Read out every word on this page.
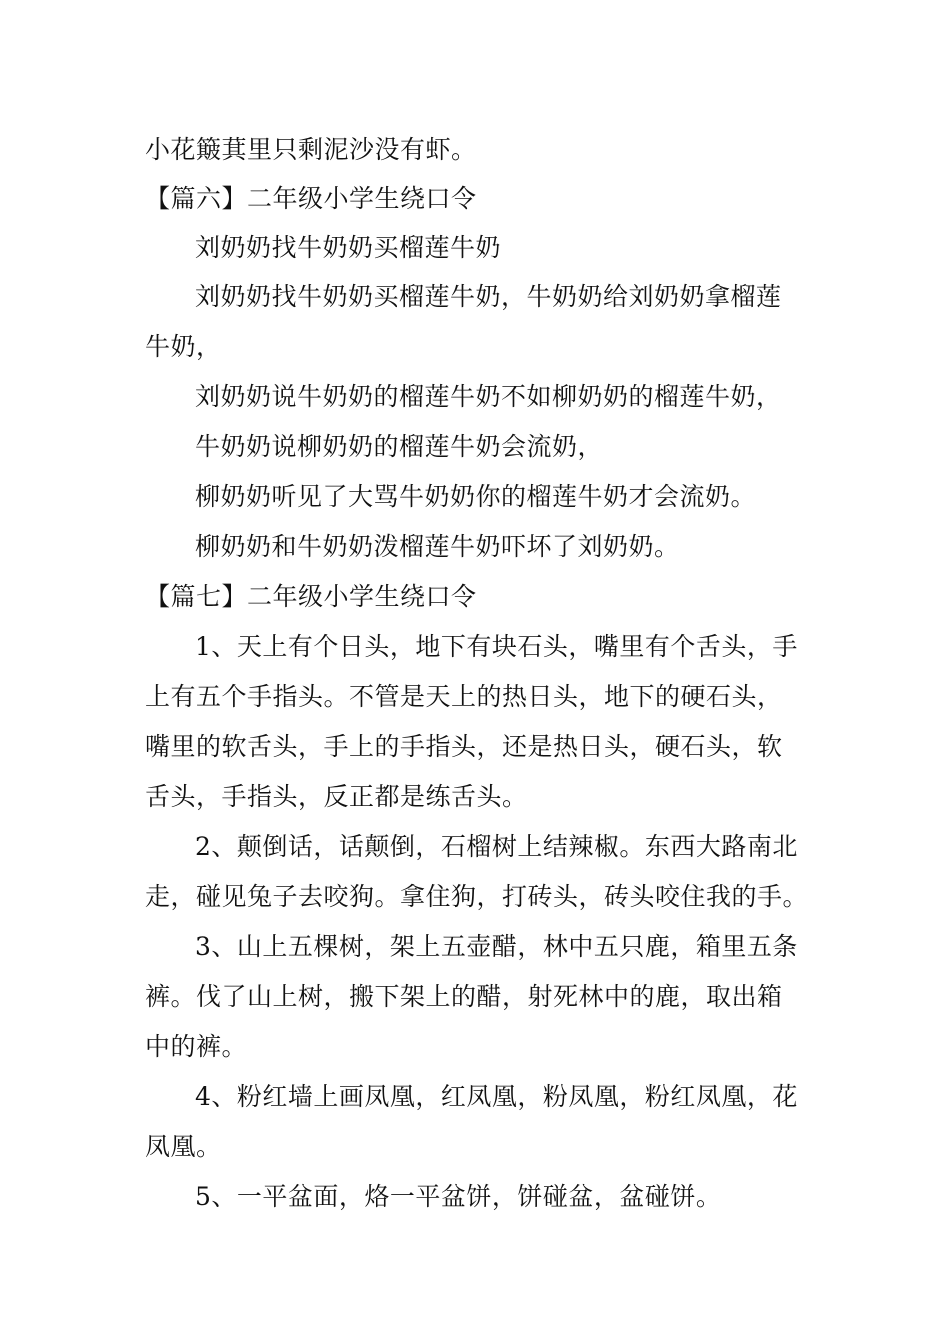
小花簸萁里只剩泥沙没有虾。
【篇六】二年级小学生绕口令
刘奶奶找牛奶奶买榴莲牛奶
刘奶奶找牛奶奶买榴莲牛奶，牛奶奶给刘奶奶拿榴莲
牛奶，
刘奶奶说牛奶奶的榴莲牛奶不如柳奶奶的榴莲牛奶，
牛奶奶说柳奶奶的榴莲牛奶会流奶，
柳奶奶听见了大骂牛奶奶你的榴莲牛奶才会流奶。
柳奶奶和牛奶奶泼榴莲牛奶吓坏了刘奶奶。
【篇七】二年级小学生绕口令
1、天上有个日头，地下有块石头，嘴里有个舌头，手
上有五个手指头。不管是天上的热日头，地下的硬石头，
嘴里的软舌头，手上的手指头，还是热日头，硬石头，软
舌头，手指头，反正都是练舌头。
2、颠倒话，话颠倒，石榴树上结辣椒。东西大路南北
走，碰见兔子去咬狗。拿住狗，打砖头，砖头咬住我的手。
3、山上五棵树，架上五壶醋，林中五只鹿，箱里五条
裤。伐了山上树，搬下架上的醋，射死林中的鹿，取出箱
中的裤。
4、粉红墙上画凤凰，红凤凰，粉凤凰，粉红凤凰，花
凤凰。
5、一平盆面，烙一平盆饼，饼碰盆，盆碰饼。
